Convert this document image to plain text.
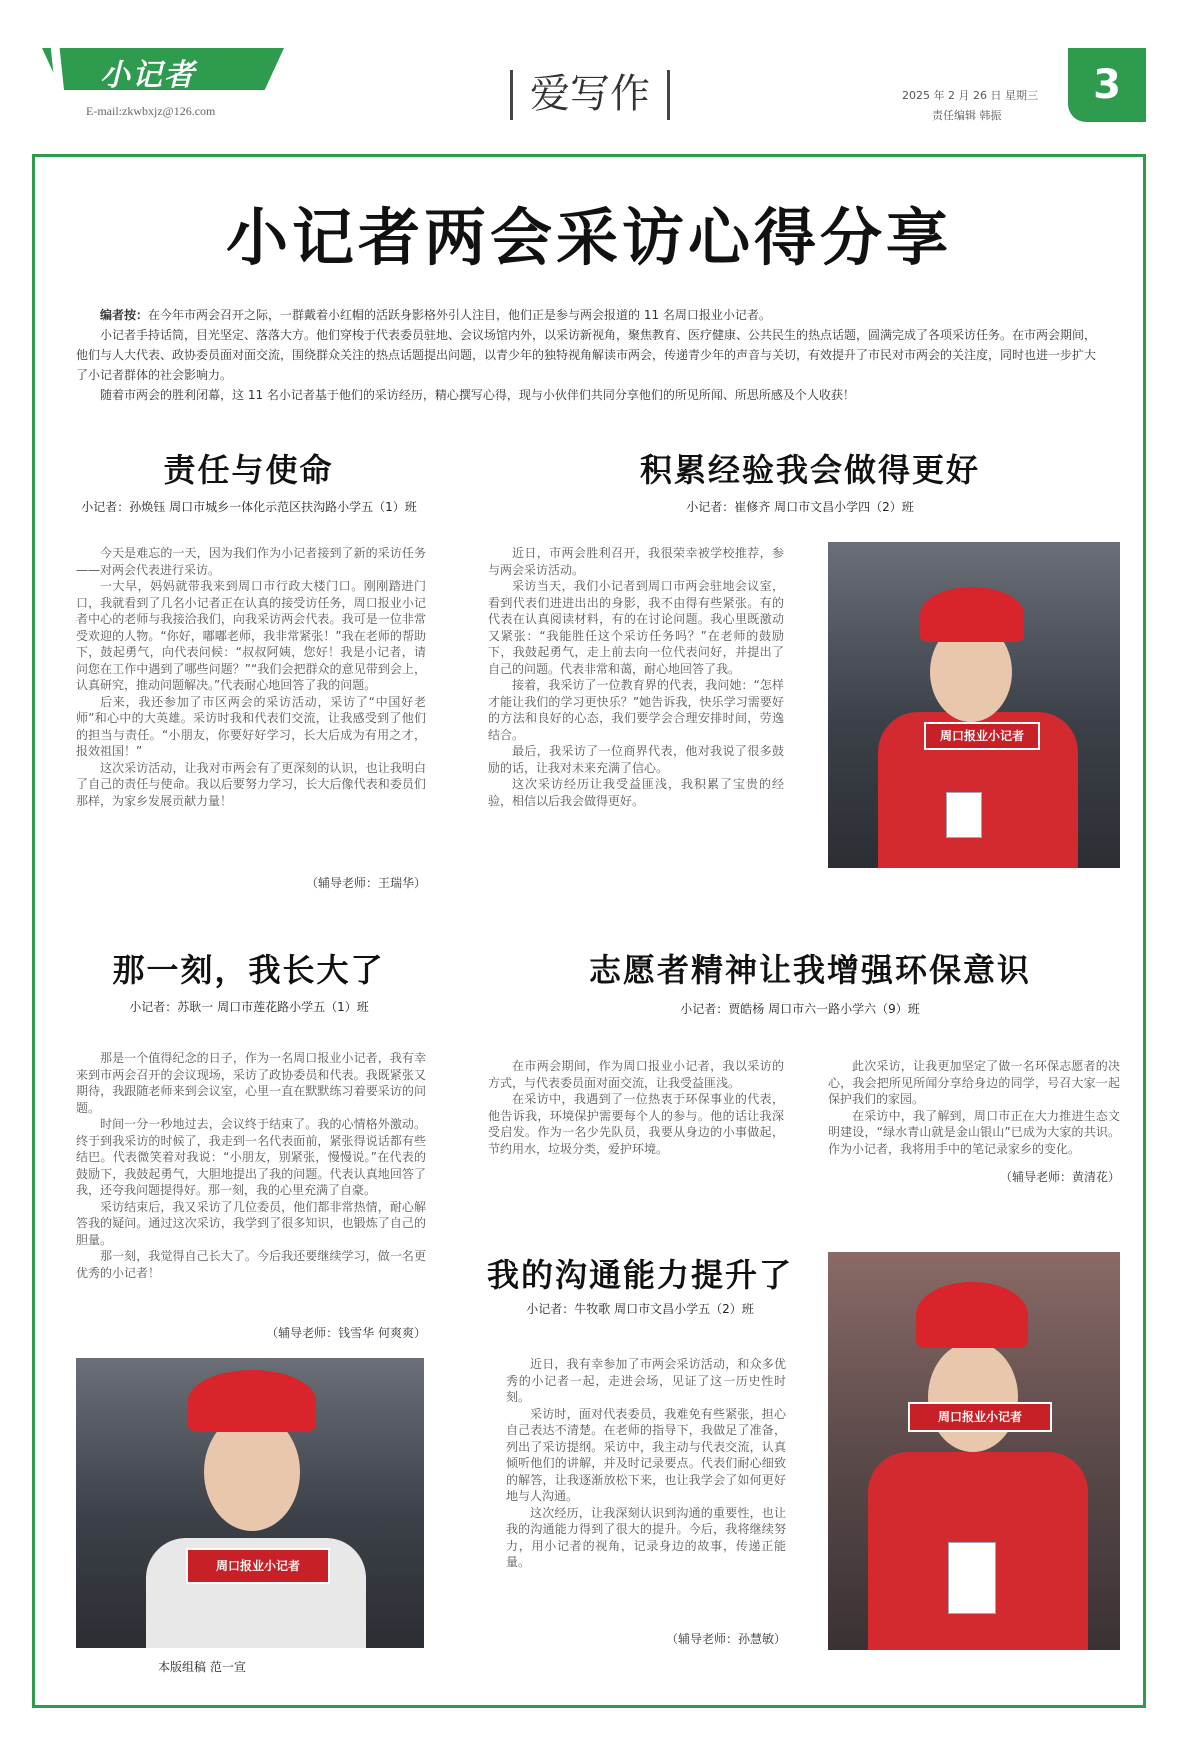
小记者
E-mail:zkwbxjz@126.com	爱写作	2025 年 2 月 26 日 星期三
责任编辑 韩振
3
小记者两会采访心得分享
编者按：在今年市两会召开之际，一群戴着小红帽的活跃身影格外引人注目，他们正是参与两会报道的 11 名周口报业小记者。
小记者手持话筒，目光坚定、落落大方。他们穿梭于代表委员驻地、会议场馆内外，以采访新视角，聚焦教育、医疗健康、公共民生的热点话题，圆满完成了各项采访任务。在市两会期间，他们与人大代表、政协委员面对面交流，围绕群众关注的热点话题提出问题，以青少年的独特视角解读市两会，传递青少年的声音与关切，有效提升了市民对市两会的关注度，同时也进一步扩大了小记者群体的社会影响力。
随着市两会的胜利闭幕，这 11 名小记者基于他们的采访经历，精心撰写心得，现与小伙伴们共同分享他们的所见所闻、所思所感及个人收获！
责任与使命
小记者：孙焕钰 周口市城乡一体化示范区扶沟路小学五（1）班

今天是难忘的一天，因为我们作为小记者接到了新的采访任务——对两会代表进行采访。

一大早，妈妈就带我来到周口市行政大楼门口。刚刚踏进门口，我就看到了几名小记者正在认真的接受访任务，周口报业小记者中心的老师与我接洽我们，向我采访两会代表。我可是一位非常受欢迎的人物。“你好，嘟嘟老师，我非常紧张！”我在老师的帮助下，鼓起勇气，向代表问候：“叔叔阿姨，您好！我是小记者，请问您在工作中遇到了哪些问题？”“我们会把群众的意见带到会上，认真研究，推动问题解决。”代表耐心地回答了我的问题。

后来，我还参加了市区两会的采访活动，采访了“中国好老师”和心中的大英雄。采访时我和代表们交流，让我感受到了他们的担当与责任。“小朋友，你要好好学习，长大后成为有用之才，报效祖国！”

这次采访活动，让我对市两会有了更深刻的认识，也让我明白了自己的责任与使命。我以后要努力学习，长大后像代表和委员们那样，为家乡发展贡献力量！

（辅导老师：王瑞华）
积累经验我会做得更好
小记者：崔修齐 周口市文昌小学四（2）班

近日，市两会胜利召开，我很荣幸被学校推荐，参与两会采访活动。

采访当天，我们小记者到周口市两会驻地会议室，看到代表们进进出出的身影，我不由得有些紧张。有的代表在认真阅读材料，有的在讨论问题。我心里既激动又紧张：“我能胜任这个采访任务吗？”在老师的鼓励下，我鼓起勇气，走上前去向一位代表问好，并提出了自己的问题。代表非常和蔼，耐心地回答了我。

接着，我采访了一位教育界的代表，我问她：“怎样才能让我们的学习更快乐？”她告诉我，快乐学习需要好的方法和良好的心态，我们要学会合理安排时间，劳逸结合。

最后，我采访了一位商界代表，他对我说了很多鼓励的话，让我对未来充满了信心。

这次采访经历让我受益匪浅，我积累了宝贵的经验，相信以后我会做得更好。

周口报业小记者
那一刻，我长大了
小记者：苏耿一 周口市莲花路小学五（1）班

那是一个值得纪念的日子，作为一名周口报业小记者，我有幸来到市两会召开的会议现场，采访了政协委员和代表。我既紧张又期待，我跟随老师来到会议室，心里一直在默默练习着要采访的问题。

时间一分一秒地过去，会议终于结束了。我的心情格外激动。终于到我采访的时候了，我走到一名代表面前，紧张得说话都有些结巴。代表微笑着对我说：“小朋友，别紧张，慢慢说。”在代表的鼓励下，我鼓起勇气，大胆地提出了我的问题。代表认真地回答了我，还夸我问题提得好。那一刻，我的心里充满了自豪。

采访结束后，我又采访了几位委员，他们都非常热情，耐心解答我的疑问。通过这次采访，我学到了很多知识，也锻炼了自己的胆量。

那一刻，我觉得自己长大了。今后我还要继续学习，做一名更优秀的小记者！

（辅导老师：钱雪华 何爽爽）
周口报业小记者
本版组稿 范一宣
志愿者精神让我增强环保意识
小记者：贾皓杨 周口市六一路小学六（9）班

在市两会期间，作为周口报业小记者，我以采访的方式，与代表委员面对面交流，让我受益匪浅。

在采访中，我遇到了一位热衷于环保事业的代表，他告诉我，环境保护需要每个人的参与。他的话让我深受启发。作为一名少先队员，我要从身边的小事做起，节约用水，垃圾分类，爱护环境。

此次采访，让我更加坚定了做一名环保志愿者的决心，我会把所见所闻分享给身边的同学，号召大家一起保护我们的家园。

在采访中，我了解到，周口市正在大力推进生态文明建设，“绿水青山就是金山银山”已成为大家的共识。作为小记者，我将用手中的笔记录家乡的变化。

（辅导老师：黄清花）
我的沟通能力提升了
小记者：牛牧歌 周口市文昌小学五（2）班

近日，我有幸参加了市两会采访活动，和众多优秀的小记者一起，走进会场，见证了这一历史性时刻。

采访时，面对代表委员，我难免有些紧张，担心自己表达不清楚。在老师的指导下，我做足了准备，列出了采访提纲。采访中，我主动与代表交流，认真倾听他们的讲解，并及时记录要点。代表们耐心细致的解答，让我逐渐放松下来，也让我学会了如何更好地与人沟通。

这次经历，让我深刻认识到沟通的重要性，也让我的沟通能力得到了很大的提升。今后，我将继续努力，用小记者的视角，记录身边的故事，传递正能量。

（辅导老师：孙慧敏）
周口报业小记者
